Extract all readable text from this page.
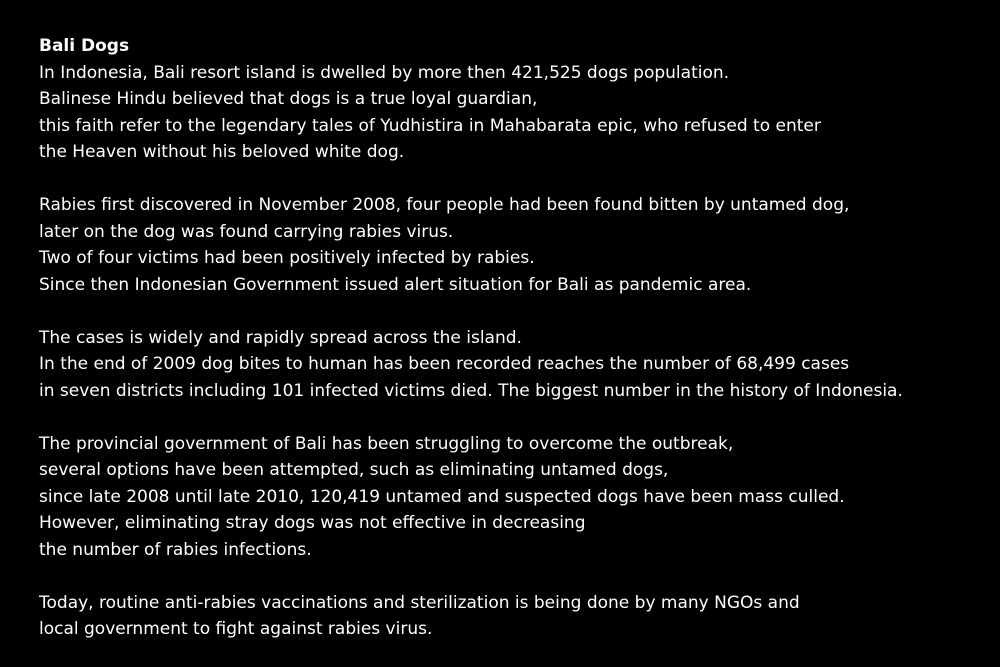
Bali Dogs
In Indonesia, Bali resort island is dwelled by more then 421,525 dogs population.
Balinese Hindu believed that dogs is a true loyal guardian,
this faith refer to the legendary tales of Yudhistira in Mahabarata epic, who refused to enter
the Heaven without his beloved white dog.
Rabies first discovered in November 2008, four people had been found bitten by untamed dog,
later on the dog was found carrying rabies virus.
Two of four victims had been positively infected by rabies.
Since then Indonesian Government issued alert situation for Bali as pandemic area.
The cases is widely and rapidly spread across the island.
In the end of 2009 dog bites to human has been recorded reaches the number of 68,499 cases
in seven districts including 101 infected victims died. The biggest number in the history of Indonesia.
The provincial government of Bali has been struggling to overcome the outbreak,
several options have been attempted, such as eliminating untamed dogs,
since late 2008 until late 2010, 120,419 untamed and suspected dogs have been mass culled.
However, eliminating stray dogs was not effective in decreasing
the number of rabies infections.
Today, routine anti-rabies vaccinations and sterilization is being done by many NGOs and
local government to fight against rabies virus.
